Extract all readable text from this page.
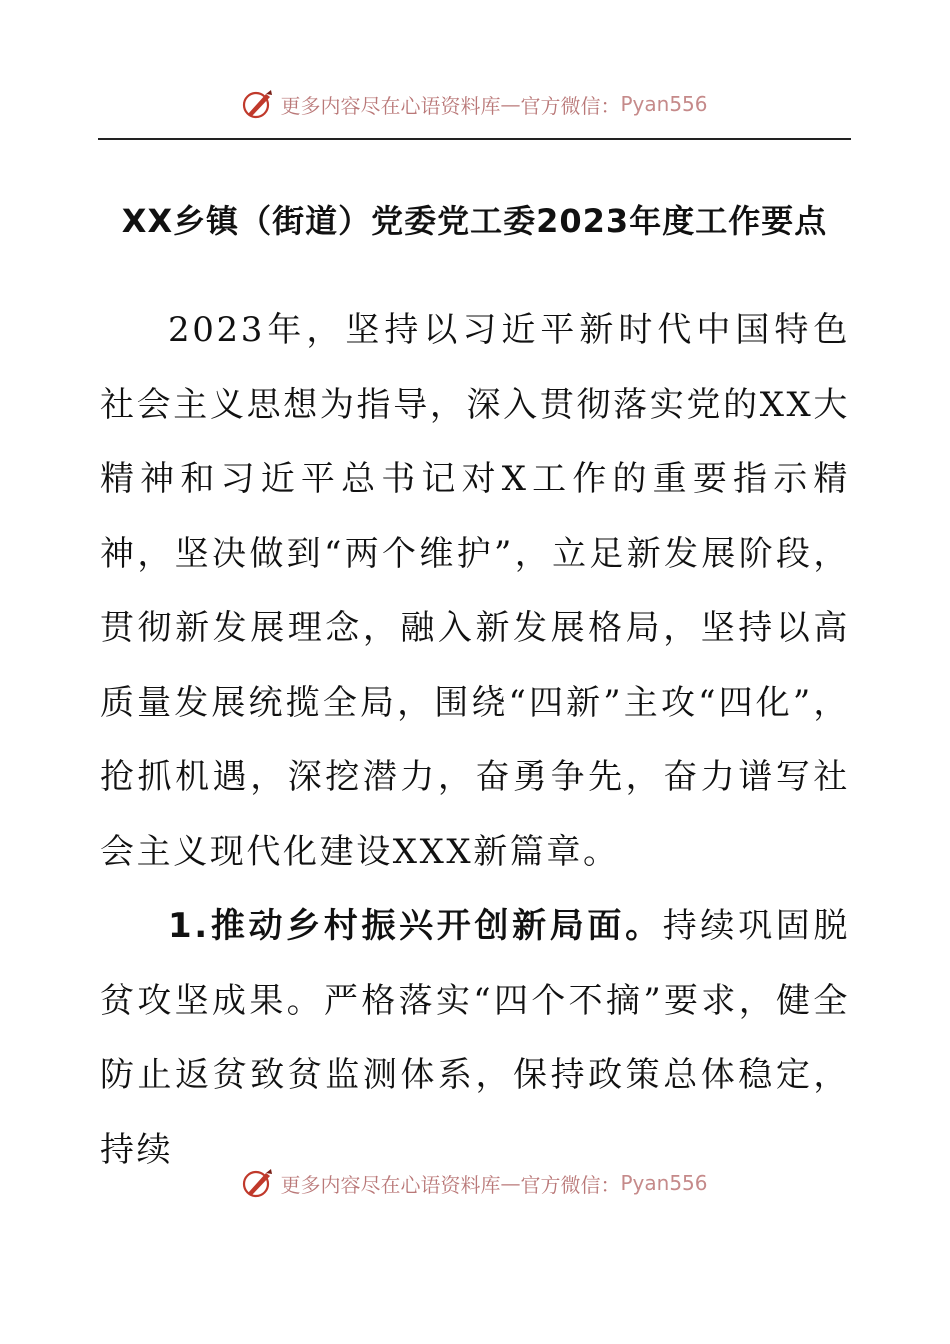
更多内容尽在心语资料库 — 官方微信： Pyan556
XX乡镇（街道）党委党工委2023年度工作要点

2023年，坚持以习近平新时代中国特色社会主义思想为指导，深入贯彻落实党的XX大精神和习近平总书记对X工作的重要指示精神，坚决做到“两个维护”，立足新发展阶段，贯彻新发展理念，融入新发展格局，坚持以高质量发展统揽全局，围绕“四新”主攻“四化”，抢抓机遇，深挖潜力，奋勇争先，奋力谱写社会主义现代化建设XXX新篇章。

1.推动乡村振兴开创新局面。持续巩固脱贫攻坚成果。严格落实“四个不摘”要求，健全防止返贫致贫监测体系，保持政策总体稳定，持续

更多内容尽在心语资料库 — 官方微信： Pyan556
